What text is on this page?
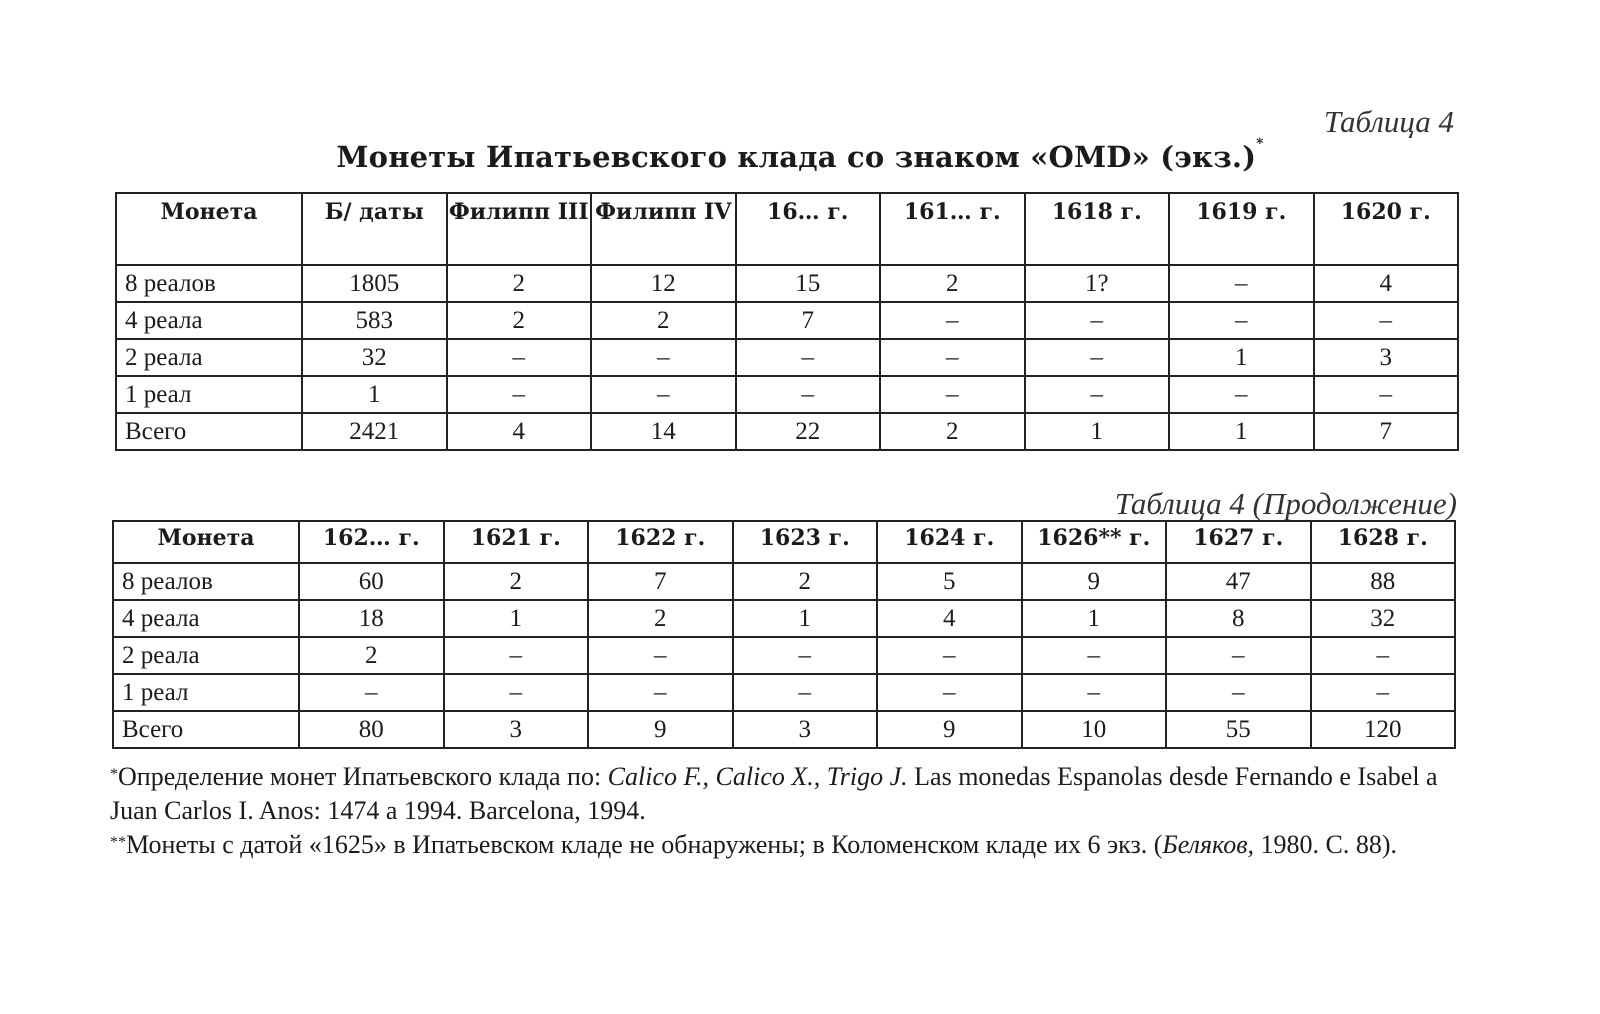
Таблица 4
Монеты Ипатьевского клада со знаком «OMD» (экз.)*
Монета	Б/ даты	Филипп III	Филипп IV	16… г.	161… г.	1618 г.	1619 г.	1620 г.
8 реалов	1805	2	12	15	2	1?	–	4
4 реала	583	2	2	7	–	–	–	–
2 реала	32	–	–	–	–	–	1	3
1 реал	1	–	–	–	–	–	–	–
Всего	2421	4	14	22	2	1	1	7
Таблица 4 (Продолжение)
Монета	162… г.	1621 г.	1622 г.	1623 г.	1624 г.	1626** г.	1627 г.	1628 г.
8 реалов	60	2	7	2	5	9	47	88
4 реала	18	1	2	1	4	1	8	32
2 реала	2	–	–	–	–	–	–	–
1 реал	–	–	–	–	–	–	–	–
Всего	80	3	9	3	9	10	55	120

*Определение монет Ипатьевского клада по: Calico F., Calico X., Trigo J. Las monedas Espanolas desde Fernando e Isabel a Juan Carlos I. Anos: 1474 a 1994. Barcelona, 1994.

**Монеты с датой «1625» в Ипатьевском кладе не обнаружены; в Коломенском кладе их 6 экз. (Беляков, 1980. С. 88).
